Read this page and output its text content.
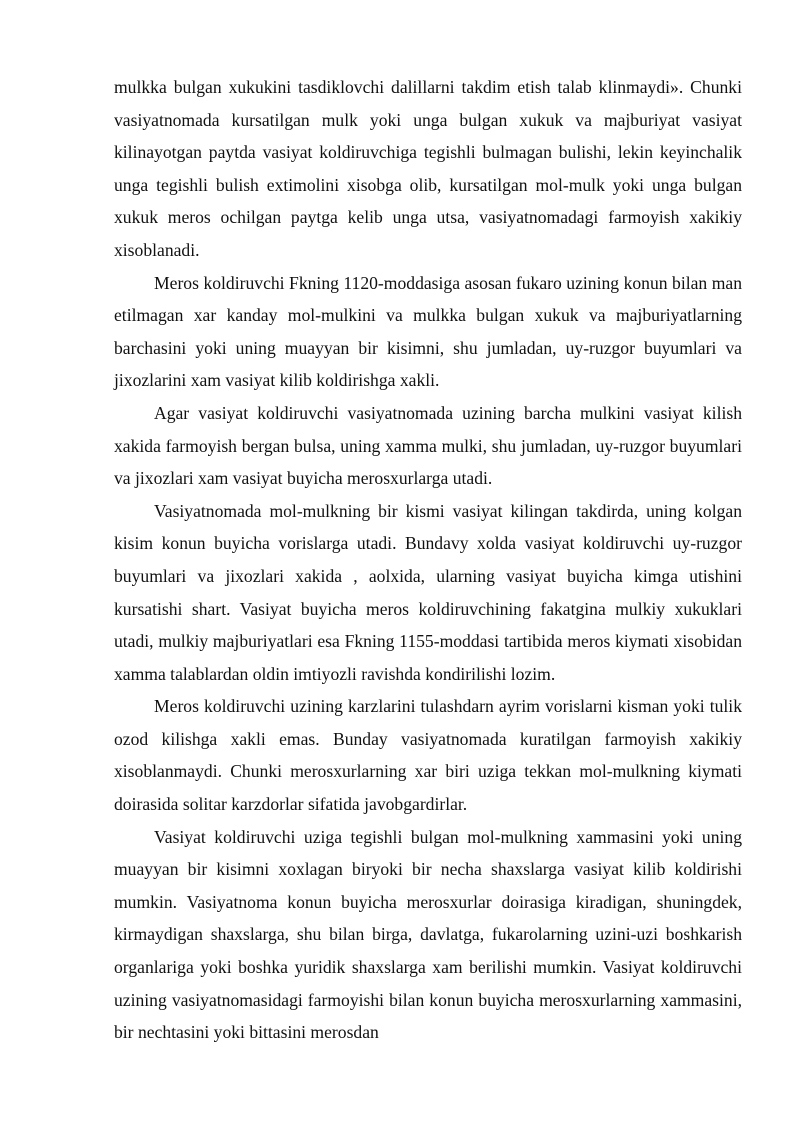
mulkka bulgan xukukini tasdiklovchi dalillarni takdim etish talab klinmaydi». Chunki vasiyatnomada kursatilgan mulk yoki unga bulgan xukuk va majburiyat vasiyat kilinayotgan paytda vasiyat koldiruvchiga tegishli bulmagan bulishi, lekin keyinchalik unga tegishli bulish extimolini xisobga olib, kursatilgan mol-mulk yoki unga bulgan xukuk meros ochilgan paytga kelib unga utsa, vasiyatnomadagi farmoyish xakikiy xisoblanadi.

Meros koldiruvchi Fkning 1120-moddasiga asosan fukaro uzining konun bilan man etilmagan xar kanday mol-mulkini va mulkka bulgan xukuk va majburiyatlarning barchasini yoki uning muayyan bir kisimni, shu jumladan, uy-ruzgor buyumlari va jixozlarini xam vasiyat kilib koldirishga xakli.

Agar vasiyat koldiruvchi vasiyatnomada uzining barcha mulkini vasiyat kilish xakida farmoyish bergan bulsa, uning xamma mulki, shu jumladan, uy-ruzgor buyumlari va jixozlari xam vasiyat buyicha merosxurlarga utadi.

Vasiyatnomada mol-mulkning bir kismi vasiyat kilingan takdirda, uning kolgan kisim konun buyicha vorislarga utadi. Bundavy xolda vasiyat koldiruvchi uy-ruzgor buyumlari va jixozlari xakida , aolxida, ularning vasiyat buyicha kimga utishini kursatishi shart. Vasiyat buyicha meros koldiruvchining fakatgina mulkiy xukuklari utadi, mulkiy majburiyatlari esa Fkning 1155-moddasi tartibida meros kiymati xisobidan xamma talablardan oldin imtiyozli ravishda kondirilishi lozim.

Meros koldiruvchi uzining karzlarini tulashdarn ayrim vorislarni kisman yoki tulik ozod kilishga xakli emas. Bunday vasiyatnomada kuratilgan farmoyish xakikiy xisoblanmaydi. Chunki merosxurlarning xar biri uziga tekkan mol-mulkning kiymati doirasida solitar karzdorlar sifatida javobgardirlar.

Vasiyat koldiruvchi uziga tegishli bulgan mol-mulkning xammasini yoki uning muayyan bir kisimni xoxlagan biryoki bir necha shaxslarga vasiyat kilib koldirishi mumkin. Vasiyatnoma konun buyicha merosxurlar doirasiga kiradigan, shuningdek, kirmaydigan shaxslarga, shu bilan birga, davlatga, fukarolarning uzini-uzi boshkarish organlariga yoki boshka yuridik shaxslarga xam berilishi mumkin. Vasiyat koldiruvchi uzining vasiyatnomasidagi farmoyishi bilan konun buyicha merosxurlarning xammasini, bir nechtasini yoki bittasini merosdan
